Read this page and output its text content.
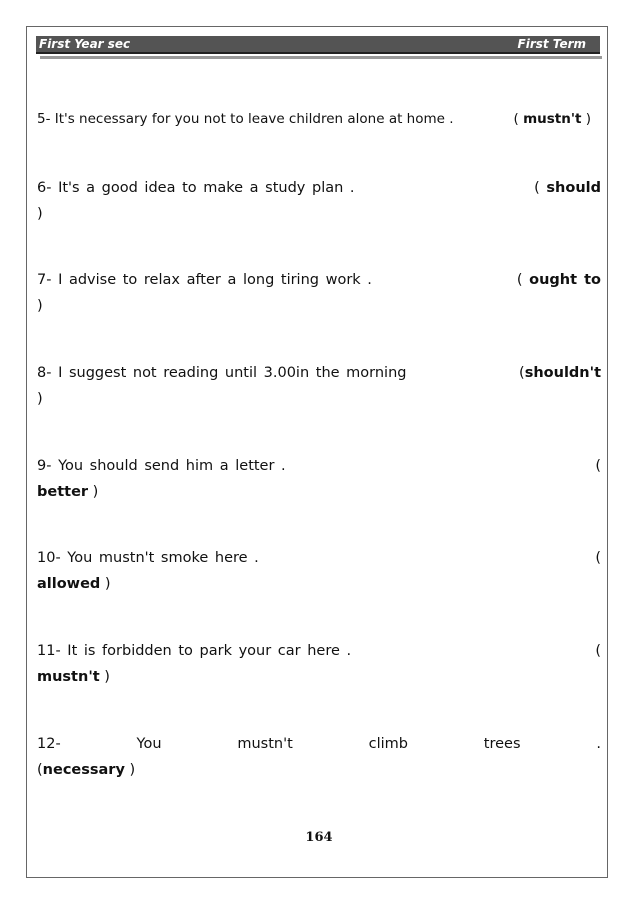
First Year sec	First Term
5- It's necessary for you not to leave children alone at home .	( mustn't )
6- It's a good idea to make a study plan .	( should
)
7- I advise to relax after a long tiring work .	( ought to
)
8- I suggest not reading until 3.00in the morning	(shouldn't
)
9- You should send him a letter .	(
better )
10- You mustn't smoke here .	(
allowed )
11- It is forbidden to park your car here .	(
mustn't )
12-	You	mustn't	climb	trees	.
(necessary )
164
